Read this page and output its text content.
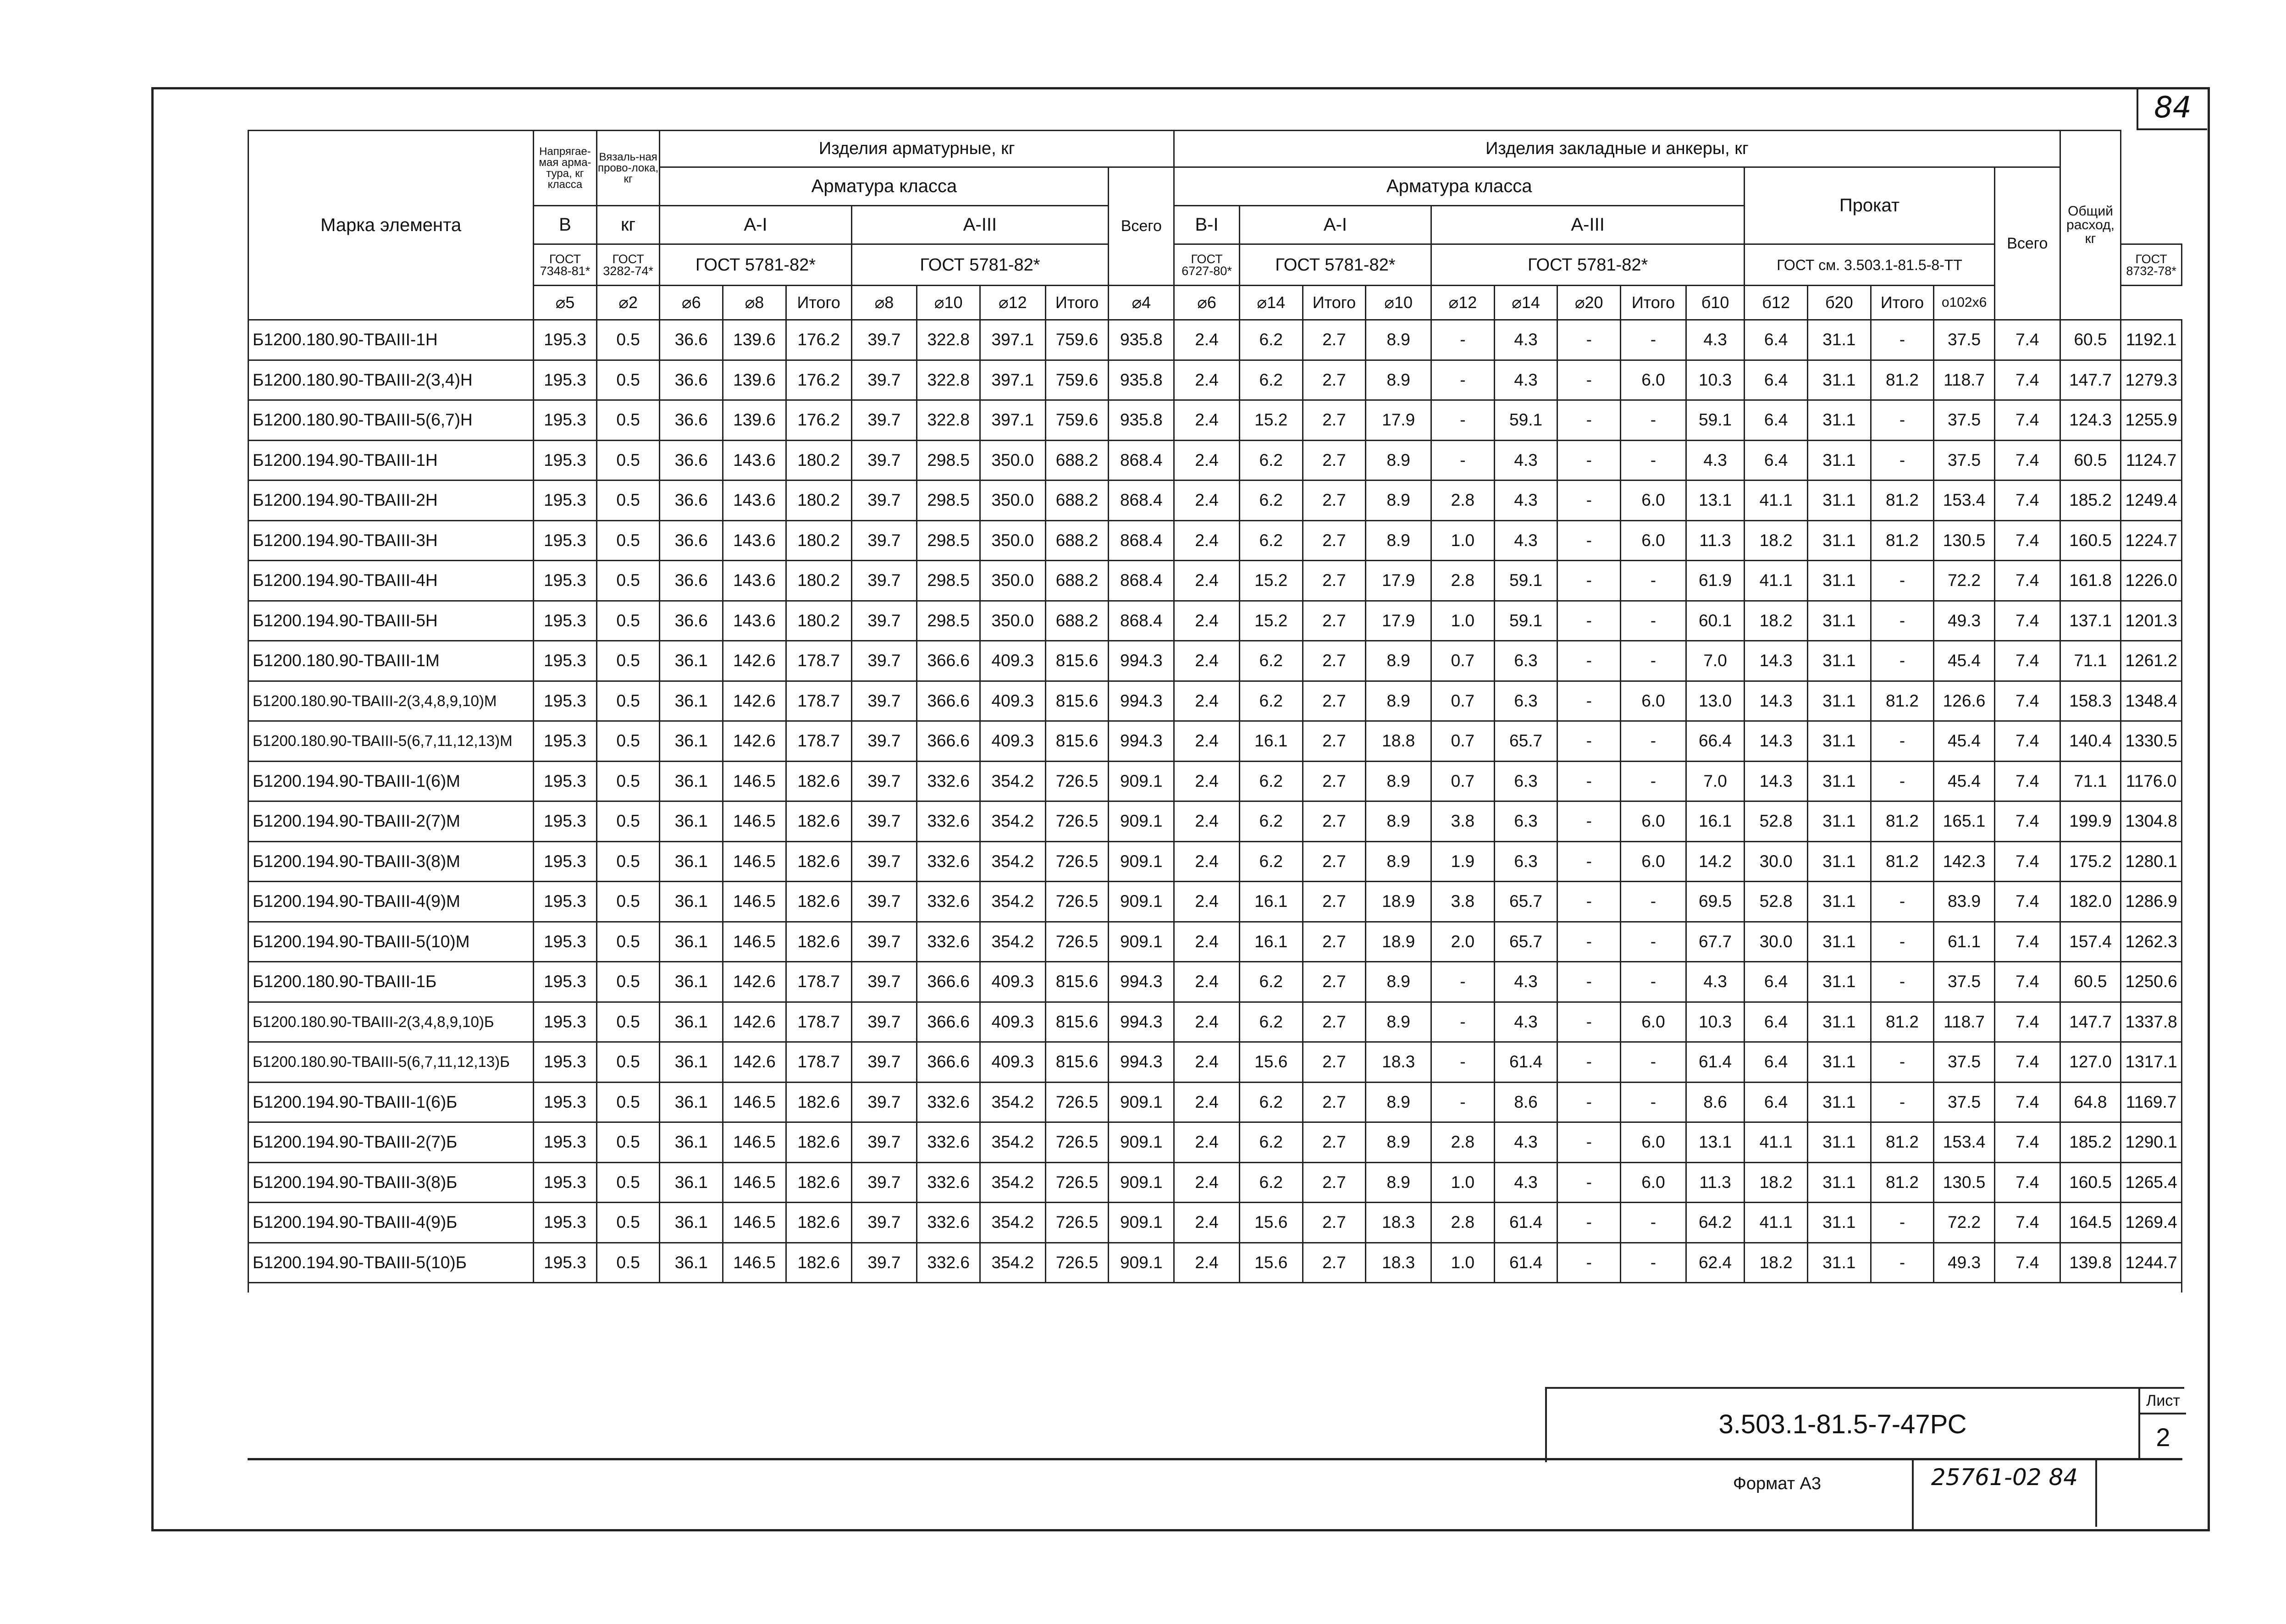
84
Марка элемента	Напрягае-мая арма-тура, кг класса	Вязаль-ная прово-лока, кг	Изделия арматурные, кг								Изделия закладные и анкеры, кг														Общий расход, кг	
			Арматура класса							Всего	Арматура класса									Прокат				Всего		
	В	кг	А-I			А-III					В-I	А-I			А-III											
	ГОСТ 7348-81*	ГОСТ 3282-74*	ГОСТ 5781-82*			ГОСТ 5781-82*					ГОСТ 6727-80*	ГОСТ 5781-82*			ГОСТ 5781-82*					ГОСТ см. 3.503.1-81.5-8-ТТ						ГОСТ 8732-78*
	⌀5	⌀2	⌀6	⌀8	Итого	⌀8	⌀10	⌀12	Итого	⌀4	⌀6	⌀14	Итого	⌀10	⌀12	⌀14	⌀20	Итого	б10	б12	б20	Итого	о102х6			
Б1200.180.90-ТВАIII-1Н	195.3	0.5	36.6	139.6	176.2	39.7	322.8	397.1	759.6	935.8	2.4	6.2	2.7	8.9	-	4.3	-	-	4.3	6.4	31.1	-	37.5	7.4	60.5	1192.1
Б1200.180.90-ТВАIII-2(3,4)Н	195.3	0.5	36.6	139.6	176.2	39.7	322.8	397.1	759.6	935.8	2.4	6.2	2.7	8.9	-	4.3	-	6.0	10.3	6.4	31.1	81.2	118.7	7.4	147.7	1279.3
Б1200.180.90-ТВАIII-5(6,7)Н	195.3	0.5	36.6	139.6	176.2	39.7	322.8	397.1	759.6	935.8	2.4	15.2	2.7	17.9	-	59.1	-	-	59.1	6.4	31.1	-	37.5	7.4	124.3	1255.9
Б1200.194.90-ТВАIII-1Н	195.3	0.5	36.6	143.6	180.2	39.7	298.5	350.0	688.2	868.4	2.4	6.2	2.7	8.9	-	4.3	-	-	4.3	6.4	31.1	-	37.5	7.4	60.5	1124.7
Б1200.194.90-ТВАIII-2Н	195.3	0.5	36.6	143.6	180.2	39.7	298.5	350.0	688.2	868.4	2.4	6.2	2.7	8.9	2.8	4.3	-	6.0	13.1	41.1	31.1	81.2	153.4	7.4	185.2	1249.4
Б1200.194.90-ТВАIII-3Н	195.3	0.5	36.6	143.6	180.2	39.7	298.5	350.0	688.2	868.4	2.4	6.2	2.7	8.9	1.0	4.3	-	6.0	11.3	18.2	31.1	81.2	130.5	7.4	160.5	1224.7
Б1200.194.90-ТВАIII-4Н	195.3	0.5	36.6	143.6	180.2	39.7	298.5	350.0	688.2	868.4	2.4	15.2	2.7	17.9	2.8	59.1	-	-	61.9	41.1	31.1	-	72.2	7.4	161.8	1226.0
Б1200.194.90-ТВАIII-5Н	195.3	0.5	36.6	143.6	180.2	39.7	298.5	350.0	688.2	868.4	2.4	15.2	2.7	17.9	1.0	59.1	-	-	60.1	18.2	31.1	-	49.3	7.4	137.1	1201.3
Б1200.180.90-ТВАIII-1М	195.3	0.5	36.1	142.6	178.7	39.7	366.6	409.3	815.6	994.3	2.4	6.2	2.7	8.9	0.7	6.3	-	-	7.0	14.3	31.1	-	45.4	7.4	71.1	1261.2
Б1200.180.90-ТВАIII-2(3,4,8,9,10)М	195.3	0.5	36.1	142.6	178.7	39.7	366.6	409.3	815.6	994.3	2.4	6.2	2.7	8.9	0.7	6.3	-	6.0	13.0	14.3	31.1	81.2	126.6	7.4	158.3	1348.4
Б1200.180.90-ТВАIII-5(6,7,11,12,13)М	195.3	0.5	36.1	142.6	178.7	39.7	366.6	409.3	815.6	994.3	2.4	16.1	2.7	18.8	0.7	65.7	-	-	66.4	14.3	31.1	-	45.4	7.4	140.4	1330.5
Б1200.194.90-ТВАIII-1(6)М	195.3	0.5	36.1	146.5	182.6	39.7	332.6	354.2	726.5	909.1	2.4	6.2	2.7	8.9	0.7	6.3	-	-	7.0	14.3	31.1	-	45.4	7.4	71.1	1176.0
Б1200.194.90-ТВАIII-2(7)М	195.3	0.5	36.1	146.5	182.6	39.7	332.6	354.2	726.5	909.1	2.4	6.2	2.7	8.9	3.8	6.3	-	6.0	16.1	52.8	31.1	81.2	165.1	7.4	199.9	1304.8
Б1200.194.90-ТВАIII-3(8)М	195.3	0.5	36.1	146.5	182.6	39.7	332.6	354.2	726.5	909.1	2.4	6.2	2.7	8.9	1.9	6.3	-	6.0	14.2	30.0	31.1	81.2	142.3	7.4	175.2	1280.1
Б1200.194.90-ТВАIII-4(9)М	195.3	0.5	36.1	146.5	182.6	39.7	332.6	354.2	726.5	909.1	2.4	16.1	2.7	18.9	3.8	65.7	-	-	69.5	52.8	31.1	-	83.9	7.4	182.0	1286.9
Б1200.194.90-ТВАIII-5(10)М	195.3	0.5	36.1	146.5	182.6	39.7	332.6	354.2	726.5	909.1	2.4	16.1	2.7	18.9	2.0	65.7	-	-	67.7	30.0	31.1	-	61.1	7.4	157.4	1262.3
Б1200.180.90-ТВАIII-1Б	195.3	0.5	36.1	142.6	178.7	39.7	366.6	409.3	815.6	994.3	2.4	6.2	2.7	8.9	-	4.3	-	-	4.3	6.4	31.1	-	37.5	7.4	60.5	1250.6
Б1200.180.90-ТВАIII-2(3,4,8,9,10)Б	195.3	0.5	36.1	142.6	178.7	39.7	366.6	409.3	815.6	994.3	2.4	6.2	2.7	8.9	-	4.3	-	6.0	10.3	6.4	31.1	81.2	118.7	7.4	147.7	1337.8
Б1200.180.90-ТВАIII-5(6,7,11,12,13)Б	195.3	0.5	36.1	142.6	178.7	39.7	366.6	409.3	815.6	994.3	2.4	15.6	2.7	18.3	-	61.4	-	-	61.4	6.4	31.1	-	37.5	7.4	127.0	1317.1
Б1200.194.90-ТВАIII-1(6)Б	195.3	0.5	36.1	146.5	182.6	39.7	332.6	354.2	726.5	909.1	2.4	6.2	2.7	8.9	-	8.6	-	-	8.6	6.4	31.1	-	37.5	7.4	64.8	1169.7
Б1200.194.90-ТВАIII-2(7)Б	195.3	0.5	36.1	146.5	182.6	39.7	332.6	354.2	726.5	909.1	2.4	6.2	2.7	8.9	2.8	4.3	-	6.0	13.1	41.1	31.1	81.2	153.4	7.4	185.2	1290.1
Б1200.194.90-ТВАIII-3(8)Б	195.3	0.5	36.1	146.5	182.6	39.7	332.6	354.2	726.5	909.1	2.4	6.2	2.7	8.9	1.0	4.3	-	6.0	11.3	18.2	31.1	81.2	130.5	7.4	160.5	1265.4
Б1200.194.90-ТВАIII-4(9)Б	195.3	0.5	36.1	146.5	182.6	39.7	332.6	354.2	726.5	909.1	2.4	15.6	2.7	18.3	2.8	61.4	-	-	64.2	41.1	31.1	-	72.2	7.4	164.5	1269.4
Б1200.194.90-ТВАIII-5(10)Б	195.3	0.5	36.1	146.5	182.6	39.7	332.6	354.2	726.5	909.1	2.4	15.6	2.7	18.3	1.0	61.4	-	-	62.4	18.2	31.1	-	49.3	7.4	139.8	1244.7

3.503.1-81.5-7-47РС
Лист
2
Формат А3	25761-02 84
